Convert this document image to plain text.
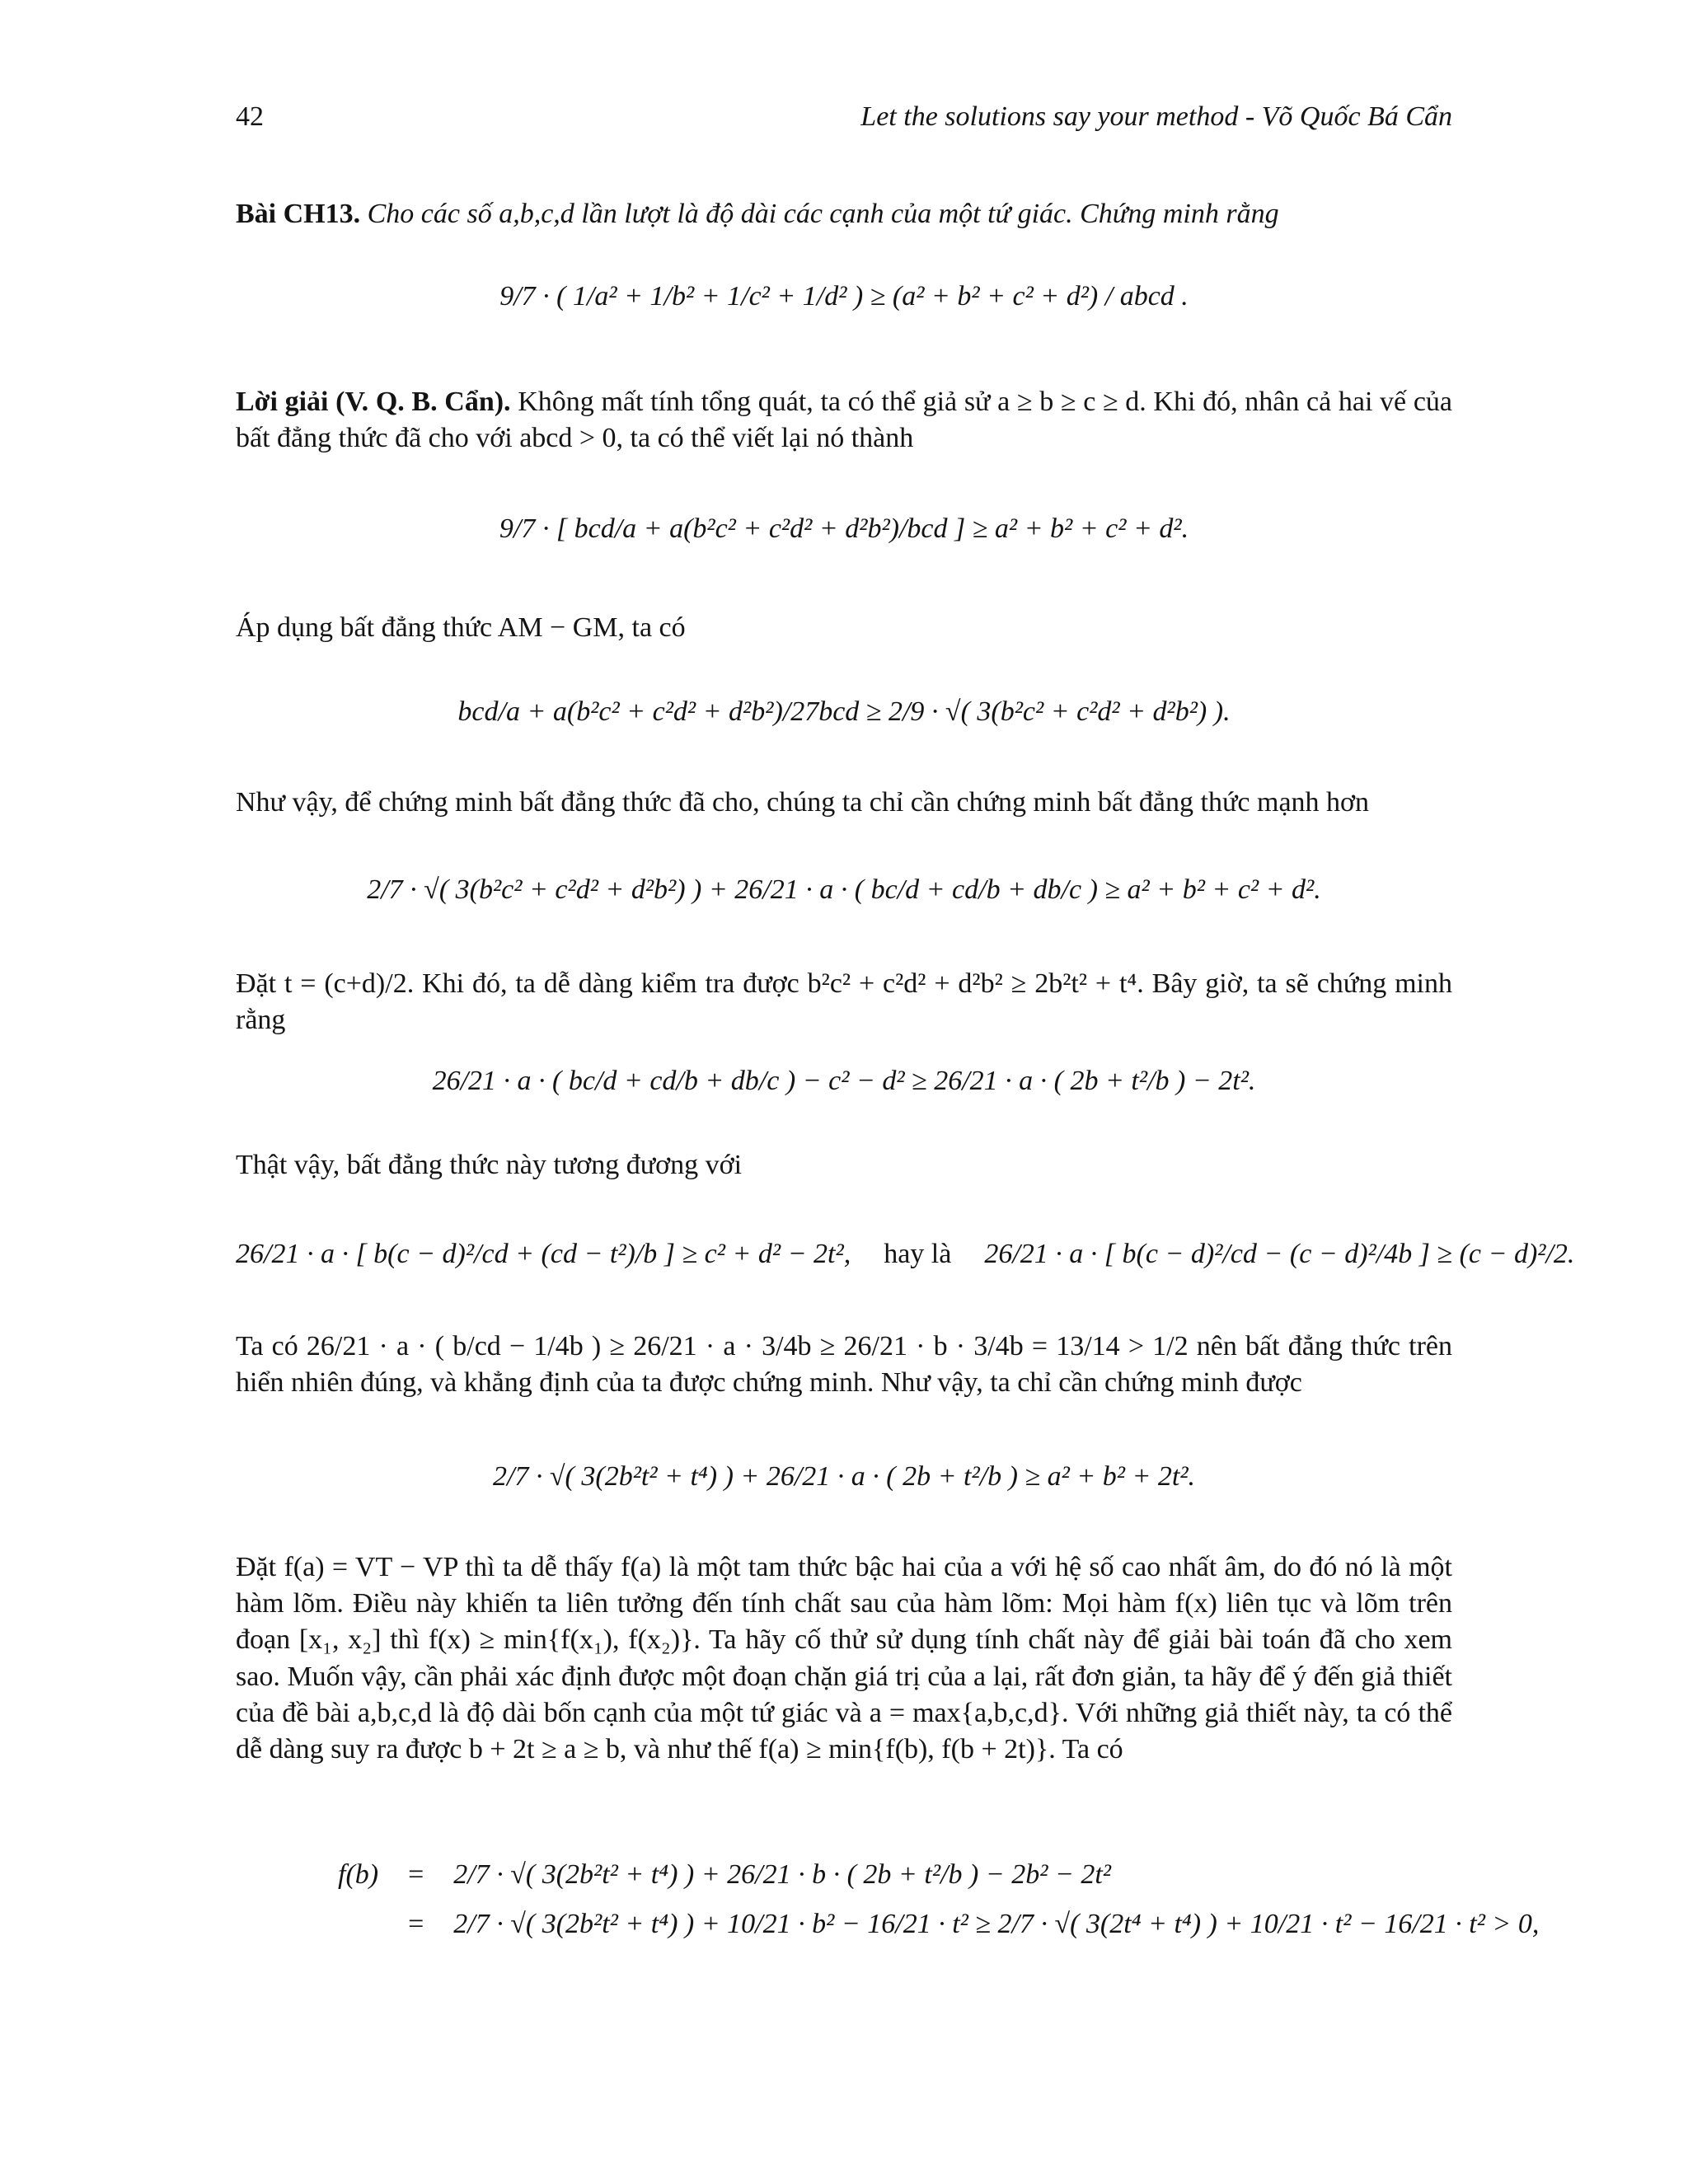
42	Let the solutions say your method - Võ Quốc Bá Cẩn
Bài CH13. Cho các số a,b,c,d lần lượt là độ dài các cạnh của một tứ giác. Chứng minh rằng
9/7 · ( 1/a² + 1/b² + 1/c² + 1/d² ) ≥ (a² + b² + c² + d²) / abcd .
Lời giải (V. Q. B. Cẩn). Không mất tính tổng quát, ta có thể giả sử a ≥ b ≥ c ≥ d. Khi đó, nhân cả hai vế của bất đẳng thức đã cho với abcd > 0, ta có thể viết lại nó thành
9/7 · [ bcd/a + a(b²c² + c²d² + d²b²)/bcd ] ≥ a² + b² + c² + d².
Áp dụng bất đẳng thức AM − GM, ta có
bcd/a + a(b²c² + c²d² + d²b²)/27bcd ≥ 2/9 · √( 3(b²c² + c²d² + d²b²) ).
Như vậy, để chứng minh bất đẳng thức đã cho, chúng ta chỉ cần chứng minh bất đẳng thức mạnh hơn
2/7 · √( 3(b²c² + c²d² + d²b²) ) + 26/21 · a · ( bc/d + cd/b + db/c ) ≥ a² + b² + c² + d².
Đặt t = (c+d)/2. Khi đó, ta dễ dàng kiểm tra được b²c² + c²d² + d²b² ≥ 2b²t² + t⁴. Bây giờ, ta sẽ chứng minh rằng
26/21 · a · ( bc/d + cd/b + db/c ) − c² − d² ≥ 26/21 · a · ( 2b + t²/b ) − 2t².
Thật vậy, bất đẳng thức này tương đương với
26/21 · a · [ b(c − d)²/cd + (cd − t²)/b ] ≥ c² + d² − 2t², hay là 26/21 · a · [ b(c − d)²/cd − (c − d)²/4b ] ≥ (c − d)²/2.
Ta có 26/21 · a · ( b/cd − 1/4b ) ≥ 26/21 · a · 3/4b ≥ 26/21 · b · 3/4b = 13/14 > 1/2 nên bất đẳng thức trên hiển nhiên đúng, và khẳng định của ta được chứng minh. Như vậy, ta chỉ cần chứng minh được
2/7 · √( 3(2b²t² + t⁴) ) + 26/21 · a · ( 2b + t²/b ) ≥ a² + b² + 2t².
Đặt f(a) = VT − VP thì ta dễ thấy f(a) là một tam thức bậc hai của a với hệ số cao nhất âm, do đó nó là một hàm lõm. Điều này khiến ta liên tưởng đến tính chất sau của hàm lõm: Mọi hàm f(x) liên tục và lõm trên đoạn [x₁, x₂] thì f(x) ≥ min{f(x₁), f(x₂)}. Ta hãy cố thử sử dụng tính chất này để giải bài toán đã cho xem sao. Muốn vậy, cần phải xác định được một đoạn chặn giá trị của a lại, rất đơn giản, ta hãy để ý đến giả thiết của đề bài a,b,c,d là độ dài bốn cạnh của một tứ giác và a = max{a,b,c,d}. Với những giả thiết này, ta có thể dễ dàng suy ra được b + 2t ≥ a ≥ b, và như thế f(a) ≥ min{f(b), f(b + 2t)}. Ta có
f(b)	=	2/7 · √( 3(2b²t² + t⁴) ) + 26/21 · b · ( 2b + t²/b ) − 2b² − 2t²
	=	2/7 · √( 3(2b²t² + t⁴) ) + 10/21 · b² − 16/21 · t² ≥ 2/7 · √( 3(2t⁴ + t⁴) ) + 10/21 · t² − 16/21 · t² > 0,
